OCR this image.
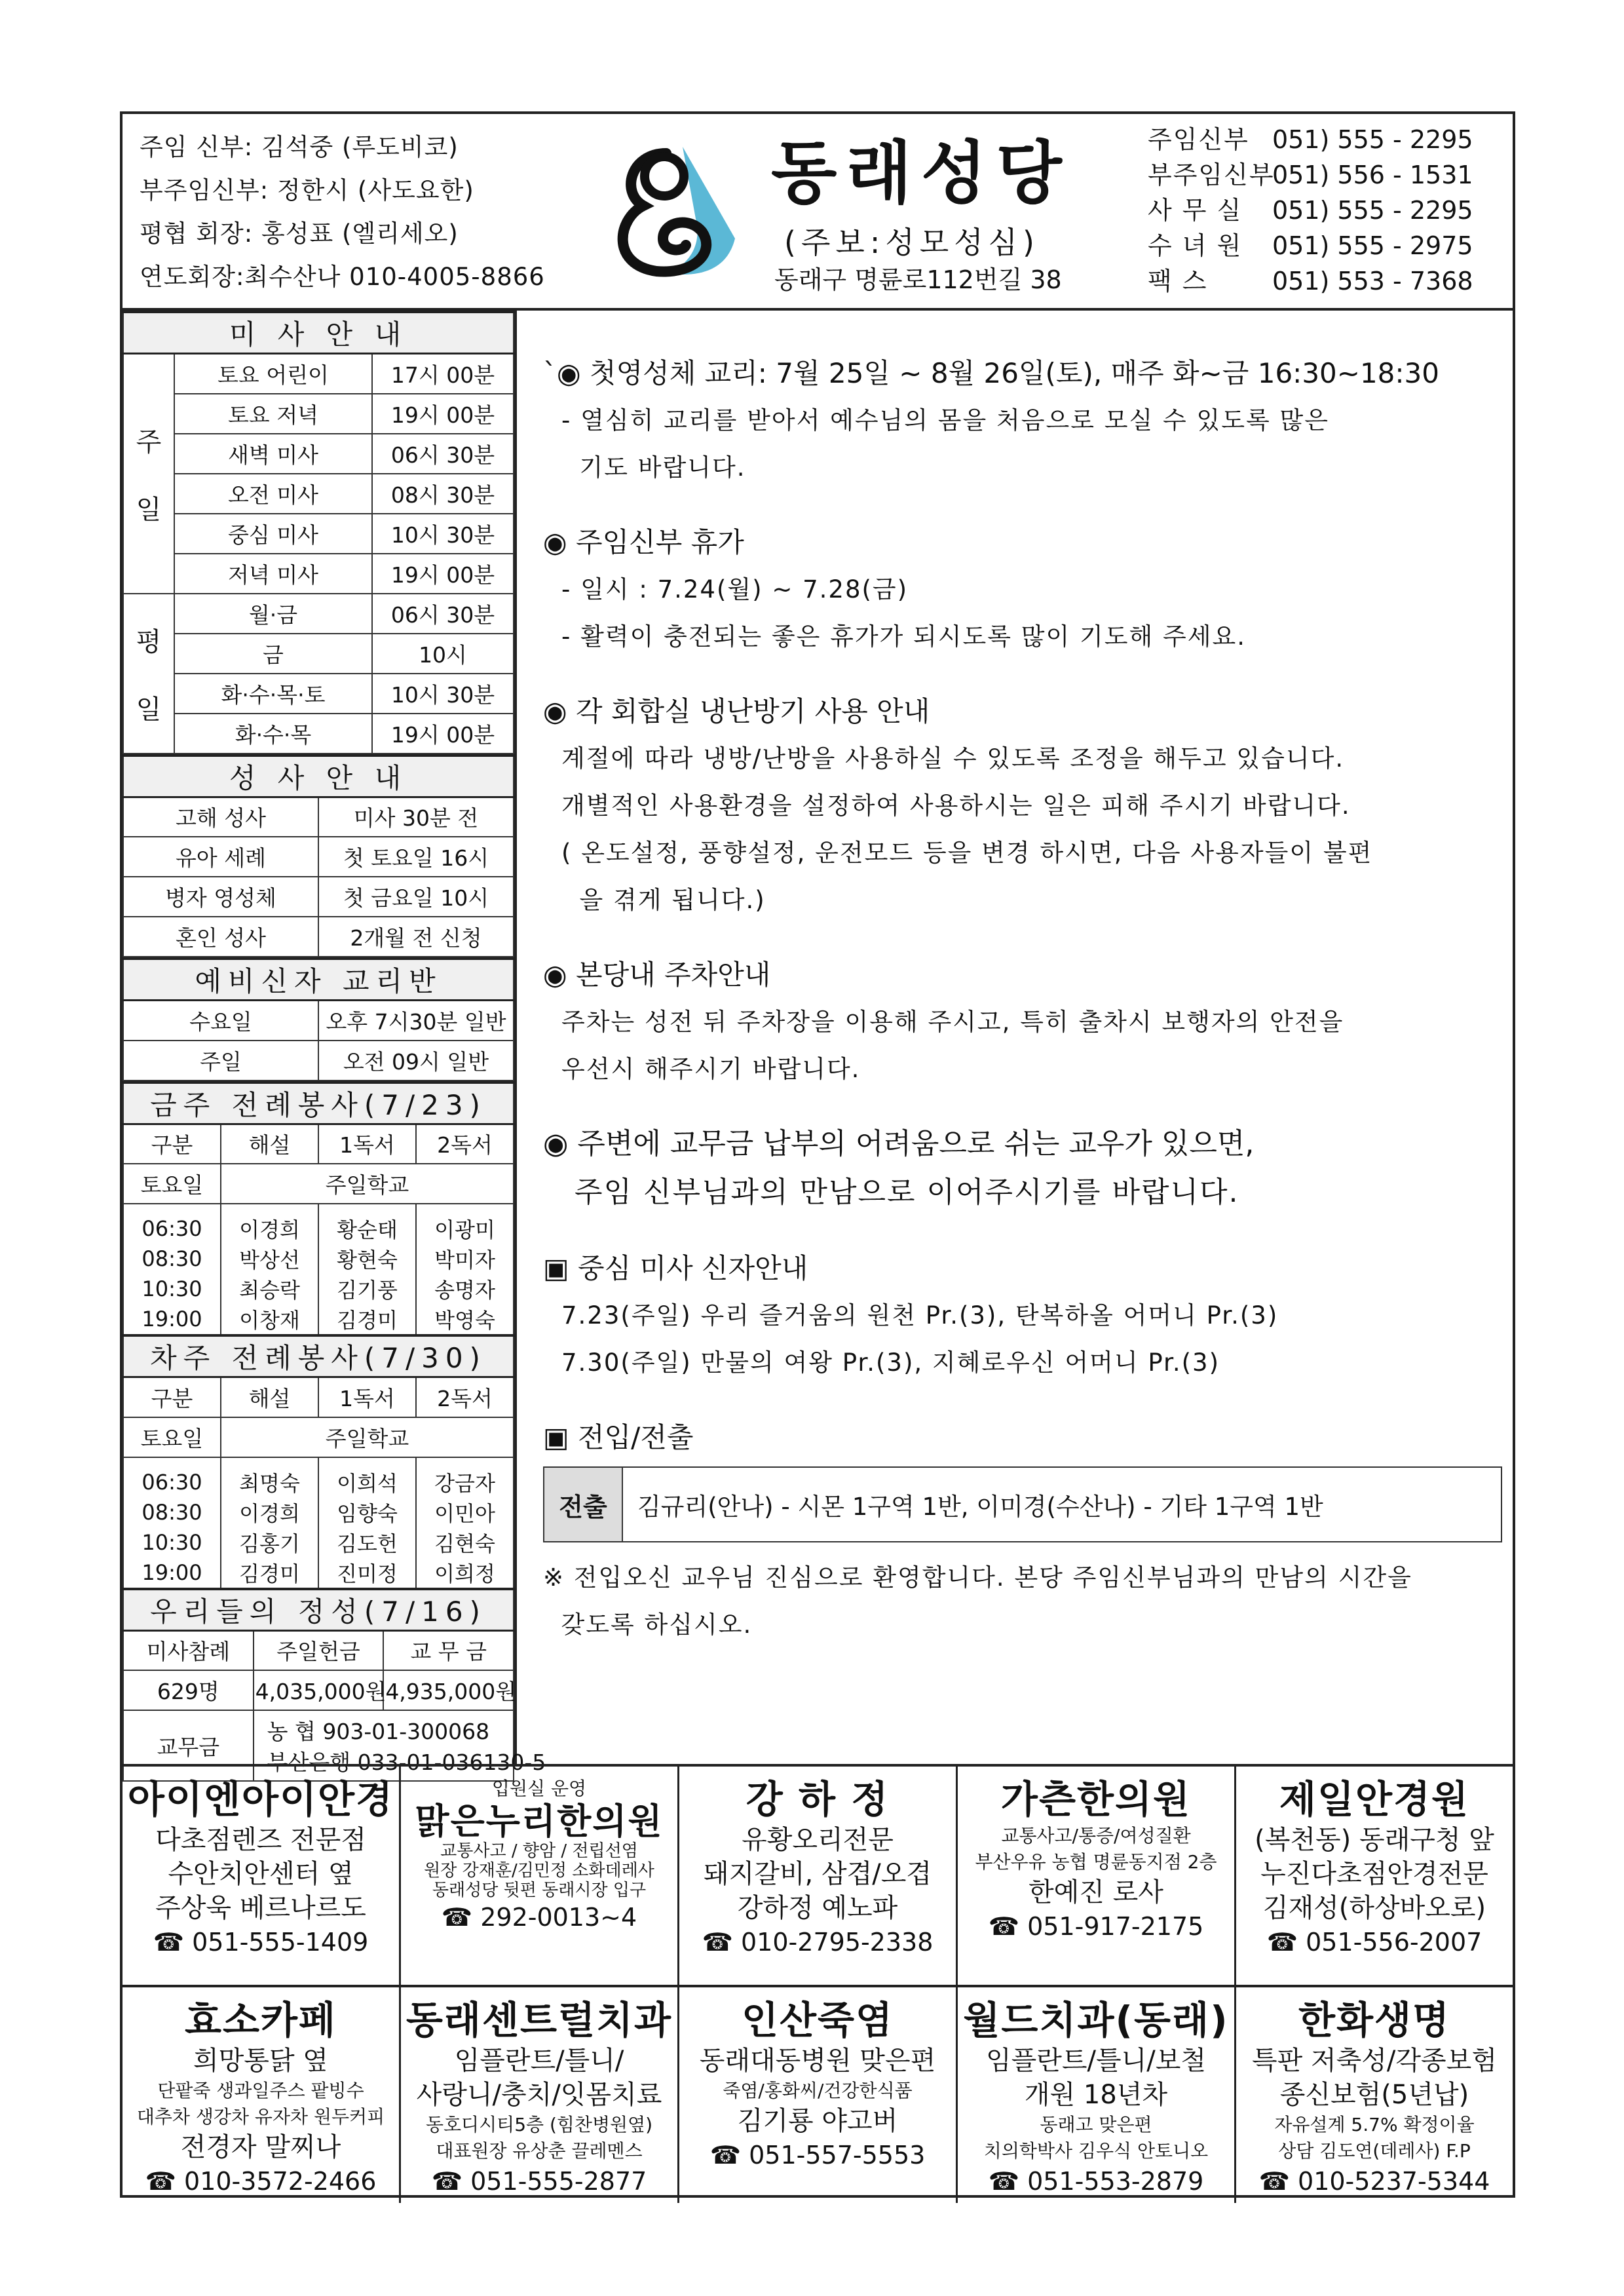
주임 신부: 김석중 (루도비코)
부주임신부: 정한시 (사도요한)
평협 회장: 홍성표 (엘리세오)
연도회장:최수산나 010-4005-8866
동래성당
(주보:성모성심)
동래구 명륜로112번길 38
주임신부 051) 555 - 2295
부주임신부
051) 556 - 1531
사 무 실	051) 555 - 2295
수 녀 원	051) 555 - 2975
팩 스	051) 553 - 7368
미 사 안 내		
주

일	토요 어린이	17시 00분
	토요 저녁	19시 00분
	새벽 미사	06시 30분
	오전 미사	08시 30분
	중심 미사	10시 30분
	저녁 미사	19시 00분
평

일	월·금	06시 30분
	금	10시
	화·수·목·토	10시 30분
	화·수·목	19시 00분
성 사 안 내	
고해 성사	미사 30분 전
유아 세례	첫 토요일 16시
병자 영성체	첫 금요일 10시
혼인 성사	2개월 전 신청
예비신자 교리반	
수요일	오후 7시30분 일반
주일	오전 09시 일반
금주 전례봉사(7/23)			
구분	해설	1독서	2독서
토요일	주일학교		
06:30	이경희	황순태	이광미
08:30	박상선	황현숙	박미자
10:30	최승락	김기풍	송명자
19:00	이창재	김경미	박영숙
차주 전례봉사(7/30)			
구분	해설	1독서	2독서
토요일	주일학교		
06:30	최명숙	이희석	강금자
08:30	이경희	임향숙	이민아
10:30	김홍기	김도헌	김현숙
19:00	김경미	진미정	이희정
우리들의 정성(7/16)		
미사참례	주일헌금	교 무 금
629명	4,035,000원	4,935,000원
교무금	농 협 903-01-300068
부산은행 033-01-036130-5	
`◉ 첫영성체 교리: 7월 25일 ~ 8월 26일(토), 매주 화~금 16:30~18:30

- 열심히 교리를 받아서 예수님의 몸을 처음으로 모실 수 있도록 많은

기도 바랍니다.

◉ 주임신부 휴가

- 일시 : 7.24(월) ~ 7.28(금)

- 활력이 충전되는 좋은 휴가가 되시도록 많이 기도해 주세요.

◉ 각 회합실 냉난방기 사용 안내

계절에 따라 냉방/난방을 사용하실 수 있도록 조정을 해두고 있습니다.

개별적인 사용환경을 설정하여 사용하시는 일은 피해 주시기 바랍니다.

( 온도설정, 풍향설정, 운전모드 등을 변경 하시면, 다음 사용자들이 불편

을 겪게 됩니다.)

◉ 본당내 주차안내

주차는 성전 뒤 주차장을 이용해 주시고, 특히 출차시 보행자의 안전을

우선시 해주시기 바랍니다.

◉ 주변에 교무금 납부의 어려움으로 쉬는 교우가 있으면,

주임 신부님과의 만남으로 이어주시기를 바랍니다.

▣ 중심 미사 신자안내

7.23(주일) 우리 즐거움의 원천 Pr.(3), 탄복하올 어머니 Pr.(3)

7.30(주일) 만물의 여왕 Pr.(3), 지혜로우신 어머니 Pr.(3)

▣ 전입/전출
전출	김규리(안나) - 시몬 1구역 1반, 이미경(수산나) - 기타 1구역 1반

※ 전입오신 교우님 진심으로 환영합니다. 본당 주임신부님과의 만남의 시간을

갖도록 하십시오.

아이엔아이안경
다초점렌즈 전문점
수안치안센터 옆
주상욱 베르나르도
☎ 051-555-1409
입원실 운영
맑은누리한의원
교통사고 / 향암 / 전립선염
원장 강재훈/김민정 소화데레사
동래성당 뒷편 동래시장 입구
☎ 292-0013~4
강 하 정
유황오리전문
돼지갈비, 삼겹/오겹
강하정 예노파
☎ 010-2795-2338
가츤한의원
교통사고/통증/여성질환
부산우유 농협 명륜동지점 2층
한예진 로사
☎ 051-917-2175
제일안경원
(복천동) 동래구청 앞
누진다초점안경전문
김재성(하상바오로)
☎ 051-556-2007
효소카페
희망통닭 옆
단팥죽 생과일주스 팥빙수
대추차 생강차 유자차 원두커피
전경자 말찌나
☎ 010-3572-2466
동래센트럴치과
임플란트/틀니/
사랑니/충치/잇몸치료
동호디시티5층 (힘찬병원옆)
대표원장 유상춘 끌레멘스
☎ 051-555-2877
인산죽염
동래대동병원 맞은편
죽염/홍화씨/건강한식품
김기룡 야고버
☎ 051-557-5553
월드치과(동래)
임플란트/틀니/보철
개원 18년차
동래고 맞은편
치의학박사 김우식 안토니오
☎ 051-553-2879
한화생명
특판 저축성/각종보험
종신보험(5년납)
자유설계 5.7% 확정이율
상담 김도연(데레사) F.P
☎ 010-5237-5344
